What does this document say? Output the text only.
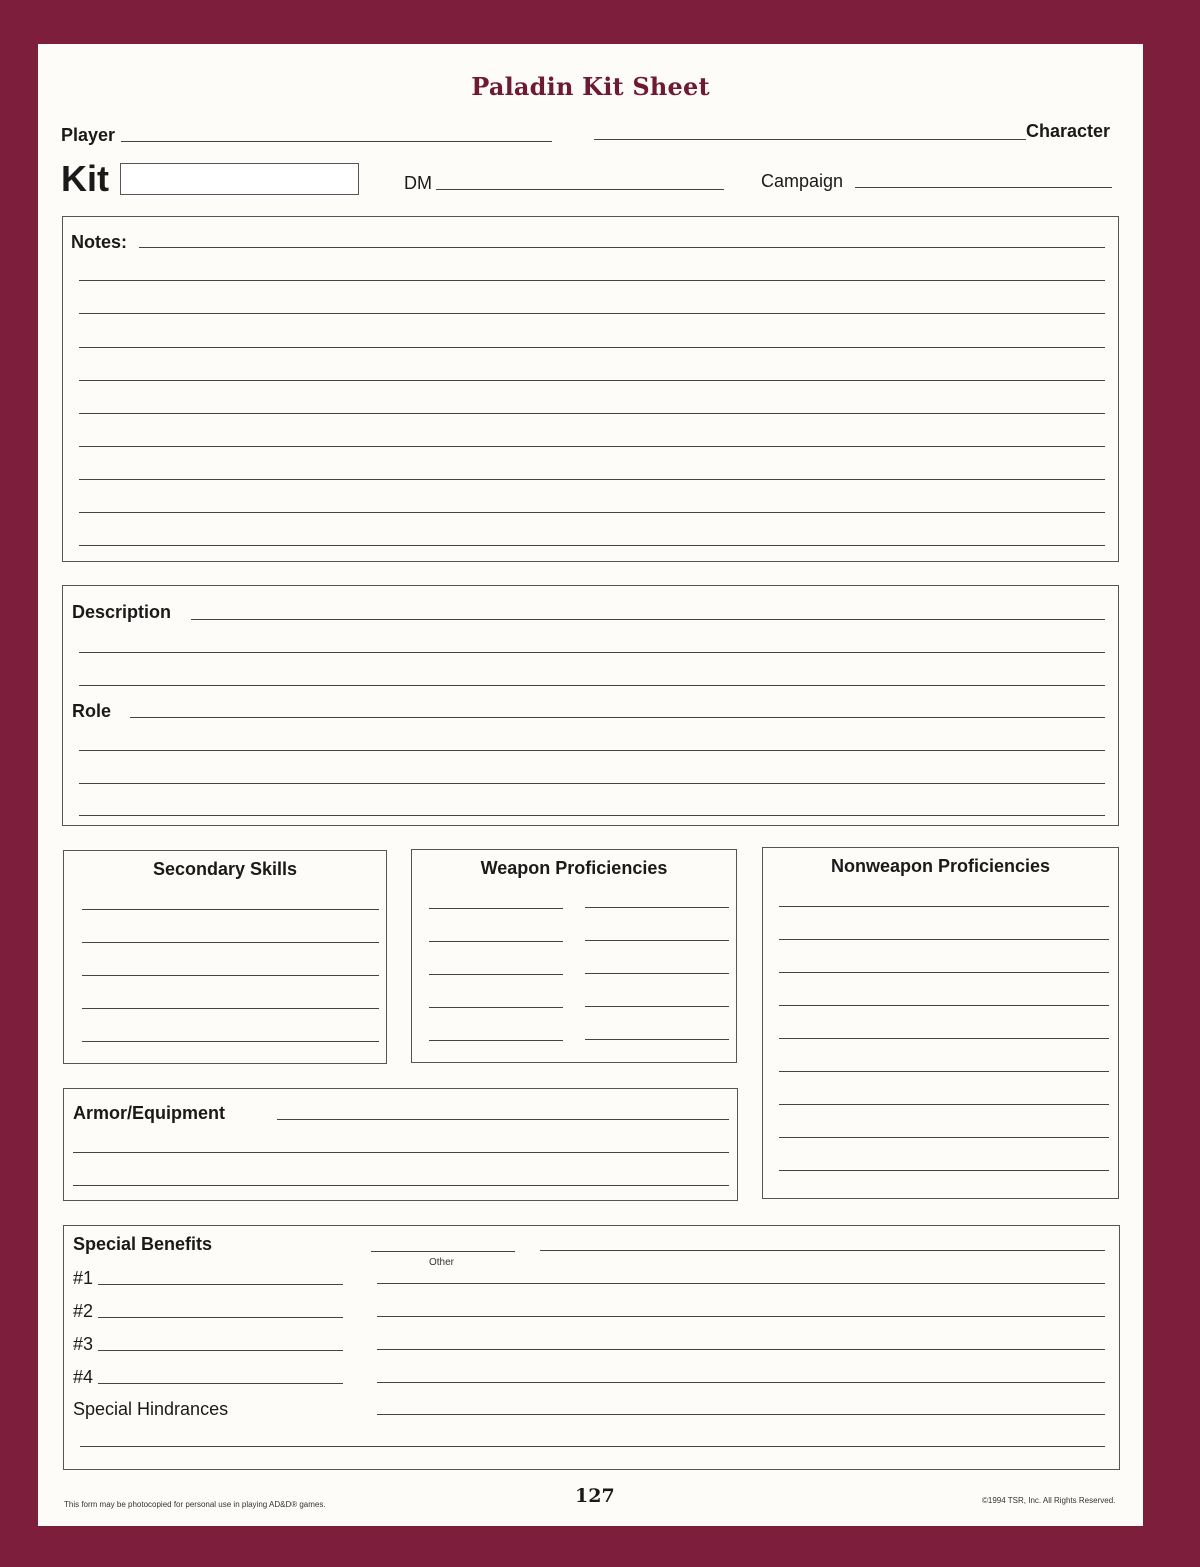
Paladin Kit Sheet
Player	Character
Kit	DM	Campaign
Notes:
Description
Role
Secondary Skills	Weapon Proficiencies	Nonweapon Proficiencies
Armor/Equipment
Special Benefits
Other
#1
#2
#3
#4
Special Hindrances
This form may be photocopied for personal use in playing AD&D® games.	127	©1994 TSR, Inc. All Rights Reserved.
